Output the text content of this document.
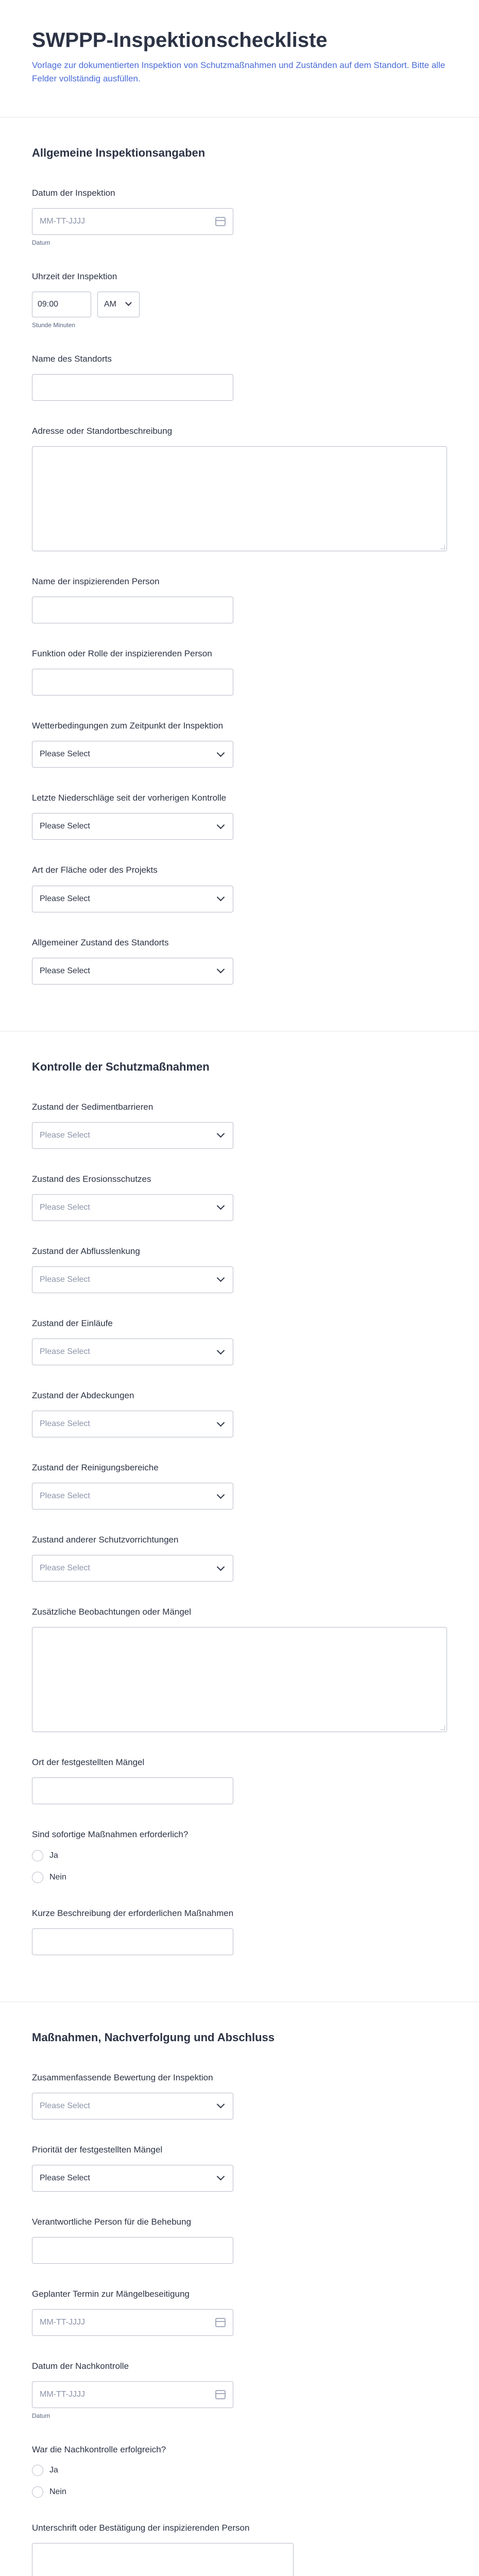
SWPPP-Inspektionscheckliste
Vorlage zur dokumentierten Inspektion von Schutzmaßnahmen und Zuständen auf dem Standort. Bitte alle Felder vollständig ausfüllen.
Allgemeine Inspektionsangaben
Datum der Inspektion
MM-TT-JJJJ
Datum
Uhrzeit der Inspektion
09:00	AM
Stunde Minuten
Name des Standorts
Adresse oder Standortbeschreibung
Name der inspizierenden Person
Funktion oder Rolle der inspizierenden Person
Wetterbedingungen zum Zeitpunkt der Inspektion
Please Select
Letzte Niederschläge seit der vorherigen Kontrolle
Please Select
Art der Fläche oder des Projekts
Please Select
Allgemeiner Zustand des Standorts
Please Select
Kontrolle der Schutzmaßnahmen
Zustand der Sedimentbarrieren
Please Select
Zustand des Erosionsschutzes
Please Select
Zustand der Abflusslenkung
Please Select
Zustand der Einläufe
Please Select
Zustand der Abdeckungen
Please Select
Zustand der Reinigungsbereiche
Please Select
Zustand anderer Schutzvorrichtungen
Please Select
Zusätzliche Beobachtungen oder Mängel
Ort der festgestellten Mängel
Sind sofortige Maßnahmen erforderlich?
Ja
Nein
Kurze Beschreibung der erforderlichen Maßnahmen
Maßnahmen, Nachverfolgung und Abschluss
Zusammenfassende Bewertung der Inspektion
Please Select
Priorität der festgestellten Mängel
Please Select
Verantwortliche Person für die Behebung
Geplanter Termin zur Mängelbeseitigung
MM-TT-JJJJ
Datum der Nachkontrolle
MM-TT-JJJJ
Datum
War die Nachkontrolle erfolgreich?
Ja
Nein
Unterschrift oder Bestätigung der inspizierenden Person
